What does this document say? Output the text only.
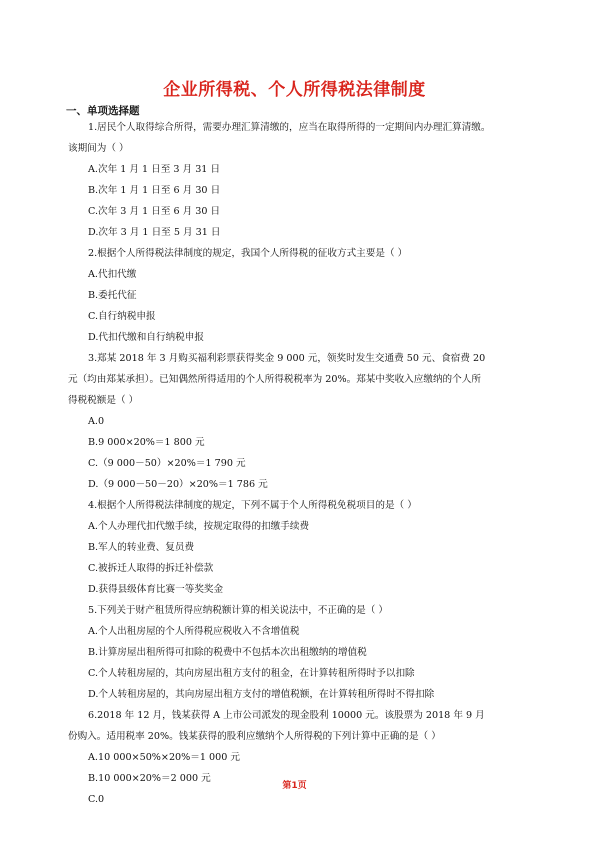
企业所得税、个人所得税法律制度
一、单项选择题
1.居民个人取得综合所得，需要办理汇算清缴的，应当在取得所得的一定期间内办理汇算清缴。
该期间为（ ）
A.次年 1 月 1 日至 3 月 31 日
B.次年 1 月 1 日至 6 月 30 日
C.次年 3 月 1 日至 6 月 30 日
D.次年 3 月 1 日至 5 月 31 日
2.根据个人所得税法律制度的规定，我国个人所得税的征收方式主要是（ ）
A.代扣代缴
B.委托代征
C.自行纳税申报
D.代扣代缴和自行纳税申报
3.郑某 2018 年 3 月购买福利彩票获得奖金 9 000 元，领奖时发生交通费 50 元、食宿费 20
元（均由郑某承担）。已知偶然所得适用的个人所得税税率为 20%。郑某中奖收入应缴纳的个人所
得税税额是（ ）
A.0
B.9 000×20%＝1 800 元
C.（9 000－50）×20%＝1 790 元
D.（9 000－50－20）×20%＝1 786 元
4.根据个人所得税法律制度的规定，下列不属于个人所得税免税项目的是（ ）
A.个人办理代扣代缴手续，按规定取得的扣缴手续费
B.军人的转业费、复员费
C.被拆迁人取得的拆迁补偿款
D.获得县级体育比赛一等奖奖金
5.下列关于财产租赁所得应纳税额计算的相关说法中，不正确的是（ ）
A.个人出租房屋的个人所得税应税收入不含增值税
B.计算房屋出租所得可扣除的税费中不包括本次出租缴纳的增值税
C.个人转租房屋的，其向房屋出租方支付的租金，在计算转租所得时予以扣除
D.个人转租房屋的，其向房屋出租方支付的增值税额，在计算转租所得时不得扣除
6.2018 年 12 月，钱某获得 A 上市公司派发的现金股利 10000 元。该股票为 2018 年 9 月
份购入。适用税率 20%。钱某获得的股利应缴纳个人所得税的下列计算中正确的是（ ）
A.10 000×50%×20%＝1 000 元
B.10 000×20%＝2 000 元
C.0
第1页
